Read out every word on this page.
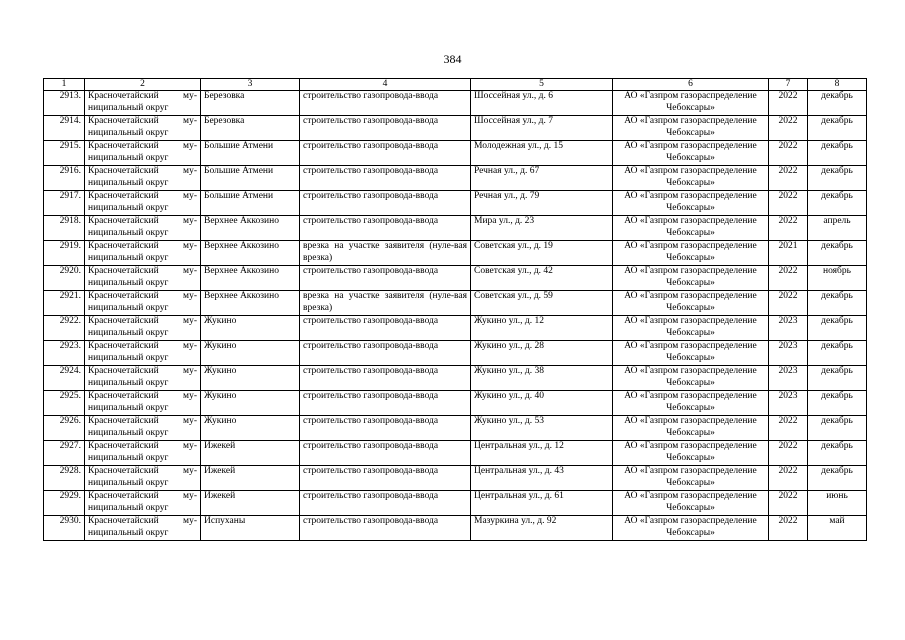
384
1	2	3	4	5	6	7	8
2913.	Красночетайский му-ниципальный округ	Березовка	строительство газопровода-ввода	Шоссейная ул., д. 6	АО «Газпром газораспределение Чебоксары»	2022	декабрь
2914.	Красночетайский му-ниципальный округ	Березовка	строительство газопровода-ввода	Шоссейная ул., д. 7	АО «Газпром газораспределение Чебоксары»	2022	декабрь
2915.	Красночетайский му-ниципальный округ	Большие Атмени	строительство газопровода-ввода	Молодежная ул., д. 15	АО «Газпром газораспределение Чебоксары»	2022	декабрь
2916.	Красночетайский му-ниципальный округ	Большие Атмени	строительство газопровода-ввода	Речная ул., д. 67	АО «Газпром газораспределение Чебоксары»	2022	декабрь
2917.	Красночетайский му-ниципальный округ	Большие Атмени	строительство газопровода-ввода	Речная ул., д. 79	АО «Газпром газораспределение Чебоксары»	2022	декабрь
2918.	Красночетайский му-ниципальный округ	Верхнее Аккозино	строительство газопровода-ввода	Мира ул., д. 23	АО «Газпром газораспределение Чебоксары»	2022	апрель
2919.	Красночетайский му-ниципальный округ	Верхнее Аккозино	врезка на участке заявителя (нуле-вая врезка)	Советская ул., д. 19	АО «Газпром газораспределение Чебоксары»	2021	декабрь
2920.	Красночетайский му-ниципальный округ	Верхнее Аккозино	строительство газопровода-ввода	Советская ул., д. 42	АО «Газпром газораспределение Чебоксары»	2022	ноябрь
2921.	Красночетайский му-ниципальный округ	Верхнее Аккозино	врезка на участке заявителя (нуле-вая врезка)	Советская ул., д. 59	АО «Газпром газораспределение Чебоксары»	2022	декабрь
2922.	Красночетайский му-ниципальный округ	Жукино	строительство газопровода-ввода	Жукино ул., д. 12	АО «Газпром газораспределение Чебоксары»	2023	декабрь
2923.	Красночетайский му-ниципальный округ	Жукино	строительство газопровода-ввода	Жукино ул., д. 28	АО «Газпром газораспределение Чебоксары»	2023	декабрь
2924.	Красночетайский му-ниципальный округ	Жукино	строительство газопровода-ввода	Жукино ул., д. 38	АО «Газпром газораспределение Чебоксары»	2023	декабрь
2925.	Красночетайский му-ниципальный округ	Жукино	строительство газопровода-ввода	Жукино ул., д. 40	АО «Газпром газораспределение Чебоксары»	2023	декабрь
2926.	Красночетайский му-ниципальный округ	Жукино	строительство газопровода-ввода	Жукино ул., д. 53	АО «Газпром газораспределение Чебоксары»	2022	декабрь
2927.	Красночетайский му-ниципальный округ	Ижекей	строительство газопровода-ввода	Центральная ул., д. 12	АО «Газпром газораспределение Чебоксары»	2022	декабрь
2928.	Красночетайский му-ниципальный округ	Ижекей	строительство газопровода-ввода	Центральная ул., д. 43	АО «Газпром газораспределение Чебоксары»	2022	декабрь
2929.	Красночетайский му-ниципальный округ	Ижекей	строительство газопровода-ввода	Центральная ул., д. 61	АО «Газпром газораспределение Чебоксары»	2022	июнь
2930.	Красночетайский му-ниципальный округ	Испуханы	строительство газопровода-ввода	Мазуркина ул., д. 92	АО «Газпром газораспределение Чебоксары»	2022	май
